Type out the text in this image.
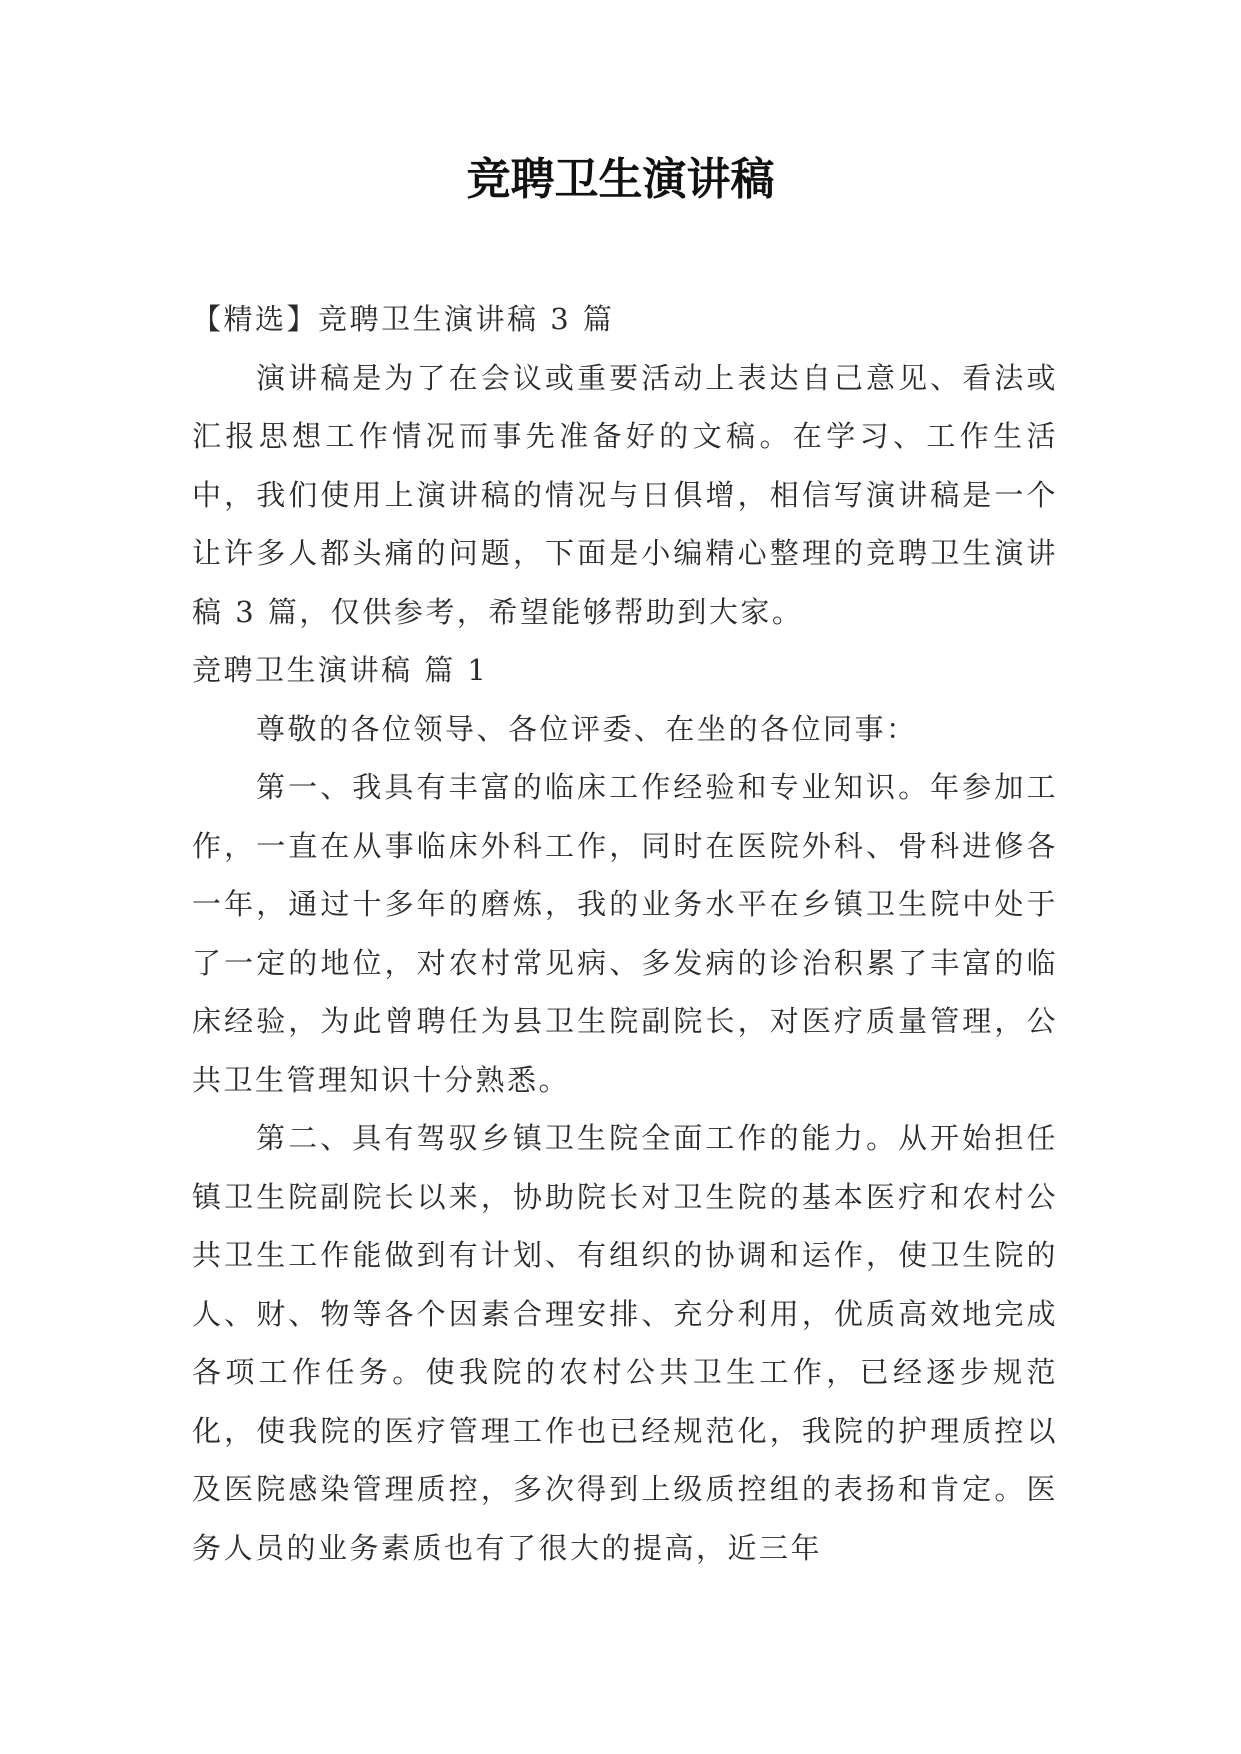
竞聘卫生演讲稿

【精选】竞聘卫生演讲稿 3 篇

演讲稿是为了在会议或重要活动上表达自己意见、看法或汇报思想工作情况而事先准备好的文稿。在学习、工作生活中，我们使用上演讲稿的情况与日俱增，相信写演讲稿是一个让许多人都头痛的问题，下面是小编精心整理的竞聘卫生演讲稿 3 篇，仅供参考，希望能够帮助到大家。

竞聘卫生演讲稿 篇 1

尊敬的各位领导、各位评委、在坐的各位同事：

第一、我具有丰富的临床工作经验和专业知识。年参加工作，一直在从事临床外科工作，同时在医院外科、骨科进修各一年，通过十多年的磨炼，我的业务水平在乡镇卫生院中处于了一定的地位，对农村常见病、多发病的诊治积累了丰富的临床经验，为此曾聘任为县卫生院副院长，对医疗质量管理，公共卫生管理知识十分熟悉。

第二、具有驾驭乡镇卫生院全面工作的能力。从开始担任镇卫生院副院长以来，协助院长对卫生院的基本医疗和农村公共卫生工作能做到有计划、有组织的协调和运作，使卫生院的人、财、物等各个因素合理安排、充分利用，优质高效地完成各项工作任务。使我院的农村公共卫生工作，已经逐步规范化，使我院的医疗管理工作也已经规范化，我院的护理质控以及医院感染管理质控，多次得到上级质控组的表扬和肯定。医务人员的业务素质也有了很大的提高，近三年
